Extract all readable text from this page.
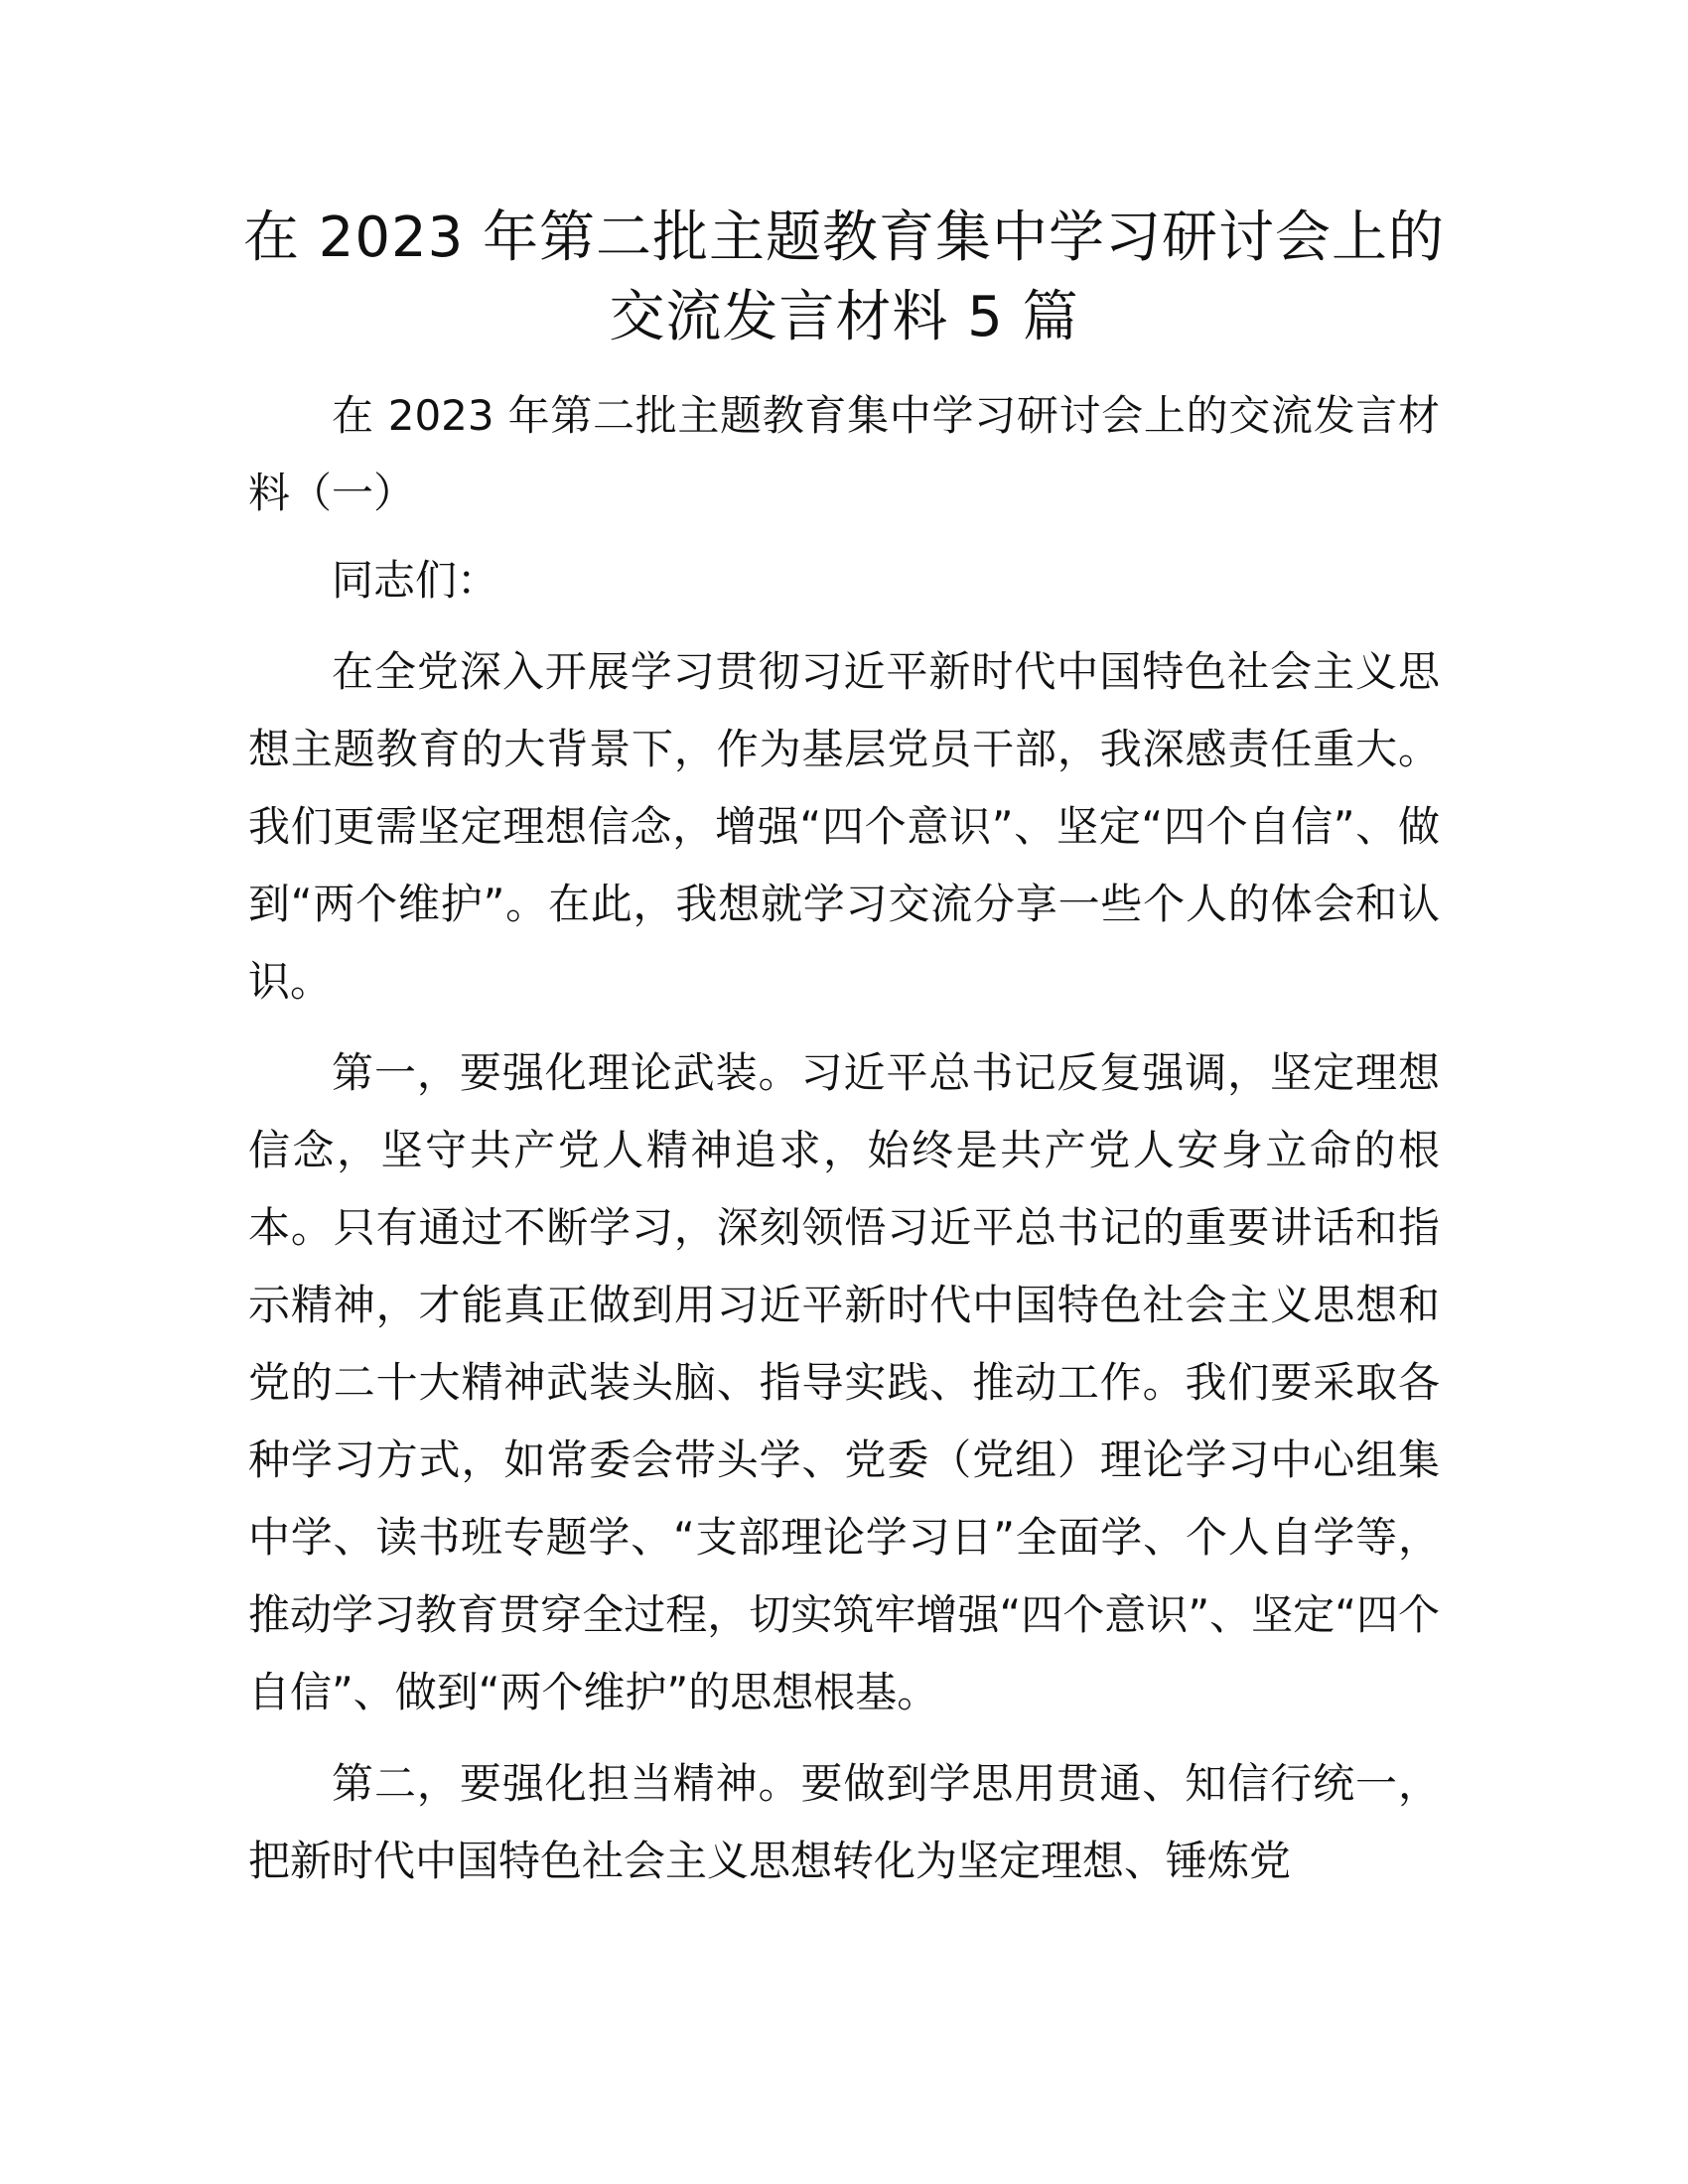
在 2023 年第二批主题教育集中学习研讨会上的
交流发言材料 5 篇

在 2023 年第二批主题教育集中学习研讨会上的交流发言材料（一）

同志们：

在全党深入开展学习贯彻习近平新时代中国特色社会主义思想主题教育的大背景下，作为基层党员干部，我深感责任重大。我们更需坚定理想信念，增强“四个意识”、坚定“四个自信”、做到“两个维护”。在此，我想就学习交流分享一些个人的体会和认识。

第一，要强化理论武装。习近平总书记反复强调，坚定理想信念，坚守共产党人精神追求，始终是共产党人安身立命的根本。只有通过不断学习，深刻领悟习近平总书记的重要讲话和指示精神，才能真正做到用习近平新时代中国特色社会主义思想和党的二十大精神武装头脑、指导实践、推动工作。我们要采取各种学习方式，如常委会带头学、党委（党组）理论学习中心组集中学、读书班专题学、“支部理论学习日”全面学、个人自学等，推动学习教育贯穿全过程，切实筑牢增强“四个意识”、坚定“四个自信”、做到“两个维护”的思想根基。

第二，要强化担当精神。要做到学思用贯通、知信行统一，把新时代中国特色社会主义思想转化为坚定理想、锤炼党
